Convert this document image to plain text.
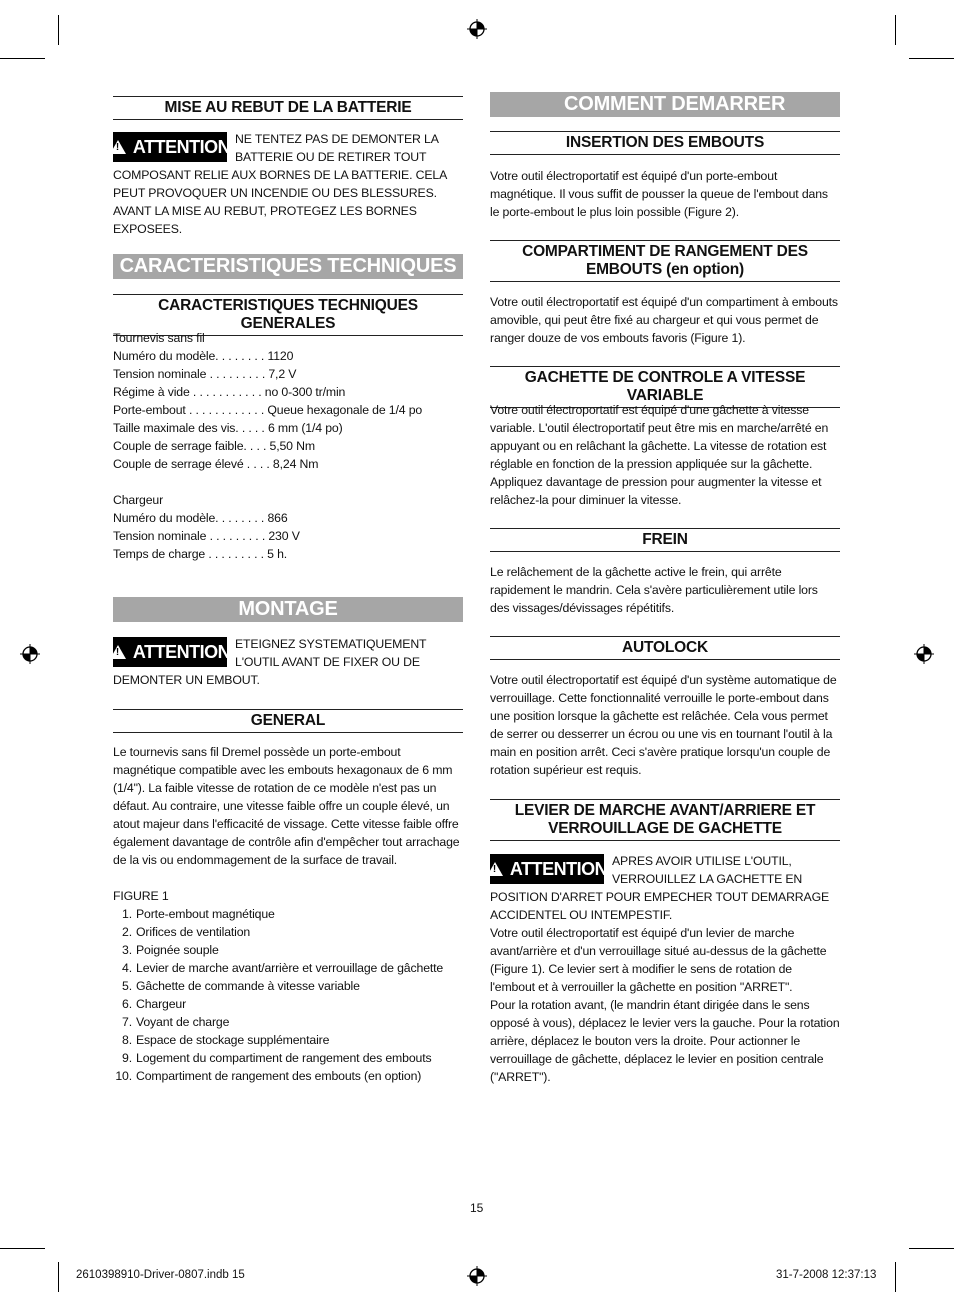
MISE AU REBUT DE LA BATTERIE
! ATTENTION NE TENTEZ PAS DE DEMONTER LA BATTERIE OU DE RETIRER TOUT COMPOSANT RELIE AUX BORNES DE LA BATTERIE. CELA PEUT PROVOQUER UN INCENDIE OU DES BLESSURES. AVANT LA MISE AU REBUT, PROTEGEZ LES BORNES EXPOSEES.
CARACTERISTIQUES TECHNIQUES
CARACTERISTIQUES TECHNIQUES GENERALES
Tournevis sans fil
Numéro du modèle. . . . . . . . 1120
Tension nominale . . . . . . . . . 7,2 V
Régime à vide . . . . . . . . . . . no 0-300 tr/min
Porte-embout . . . . . . . . . . . . Queue hexagonale de 1/4 po
Taille maximale des vis. . . . . 6 mm (1/4 po)
Couple de serrage faible. . . . 5,50 Nm
Couple de serrage élevé . . . . 8,24 Nm
Chargeur
Numéro du modèle. . . . . . . . 866
Tension nominale . . . . . . . . . 230 V
Temps de charge . . . . . . . . . 5 h.
MONTAGE
! ATTENTION ETEIGNEZ SYSTEMATIQUEMENT L'OUTIL AVANT DE FIXER OU DE DEMONTER UN EMBOUT.
GENERAL
Le tournevis sans fil Dremel possède un porte-embout magnétique compatible avec les embouts hexagonaux de 6 mm (1/4"). La faible vitesse de rotation de ce modèle n'est pas un défaut. Au contraire, une vitesse faible offre un couple élevé, un atout majeur dans l'efficacité de vissage. Cette vitesse faible offre également davantage de contrôle afin d'empêcher tout arrachage de la vis ou endommagement de la surface de travail.
FIGURE 1
1. Porte-embout magnétique
2. Orifices de ventilation
3. Poignée souple
4. Levier de marche avant/arrière et verrouillage de gâchette
5. Gâchette de commande à vitesse variable
6. Chargeur
7. Voyant de charge
8. Espace de stockage supplémentaire
9. Logement du compartiment de rangement des embouts
10. Compartiment de rangement des embouts (en option)
COMMENT DEMARRER
INSERTION DES EMBOUTS
Votre outil électroportatif est équipé d'un porte-embout magnétique. Il vous suffit de pousser la queue de l'embout dans le porte-embout le plus loin possible (Figure 2).
COMPARTIMENT DE RANGEMENT DES
EMBOUTS (en option)
Votre outil électroportatif est équipé d'un compartiment à embouts amovible, qui peut être fixé au chargeur et qui vous permet de ranger douze de vos embouts favoris (Figure 1).
GACHETTE DE CONTROLE A VITESSE VARIABLE
Votre outil électroportatif est équipé d'une gâchette à vitesse variable. L'outil électroportatif peut être mis en marche/arrêté en appuyant ou en relâchant la gâchette. La vitesse de rotation est réglable en fonction de la pression appliquée sur la gâchette. Appliquez davantage de pression pour augmenter la vitesse et relâchez-la pour diminuer la vitesse.
FREIN
Le relâchement de la gâchette active le frein, qui arrête rapidement le mandrin. Cela s'avère particulièrement utile lors des vissages/dévissages répétitifs.
AUTOLOCK
Votre outil électroportatif est équipé d'un système automatique de verrouillage. Cette fonctionnalité verrouille le porte-embout dans une position lorsque la gâchette est relâchée. Cela vous permet de serrer ou desserrer un écrou ou une vis en tournant l'outil à la main en position arrêt. Ceci s'avère pratique lorsqu'un couple de rotation supérieur est requis.
LEVIER DE MARCHE AVANT/ARRIERE ET
VERROUILLAGE DE GACHETTE
! ATTENTION APRES AVOIR UTILISE L'OUTIL, VERROUILLEZ LA GACHETTE EN POSITION D'ARRET POUR EMPECHER TOUT DEMARRAGE ACCIDENTEL OU INTEMPESTIF.
Votre outil électroportatif est équipé d'un levier de marche avant/arrière et d'un verrouillage situé au-dessus de la gâchette (Figure 1). Ce levier sert à modifier le sens de rotation de l'embout et à verrouiller la gâchette en position "ARRET".
Pour la rotation avant, (le mandrin étant dirigée dans le sens opposé à vous), déplacez le levier vers la gauche. Pour la rotation arrière, déplacez le bouton vers la droite. Pour actionner le verrouillage de gâchette, déplacez le levier en position centrale ("ARRET").
15
2610398910-Driver-0807.indb 15	31-7-2008 12:37:13
